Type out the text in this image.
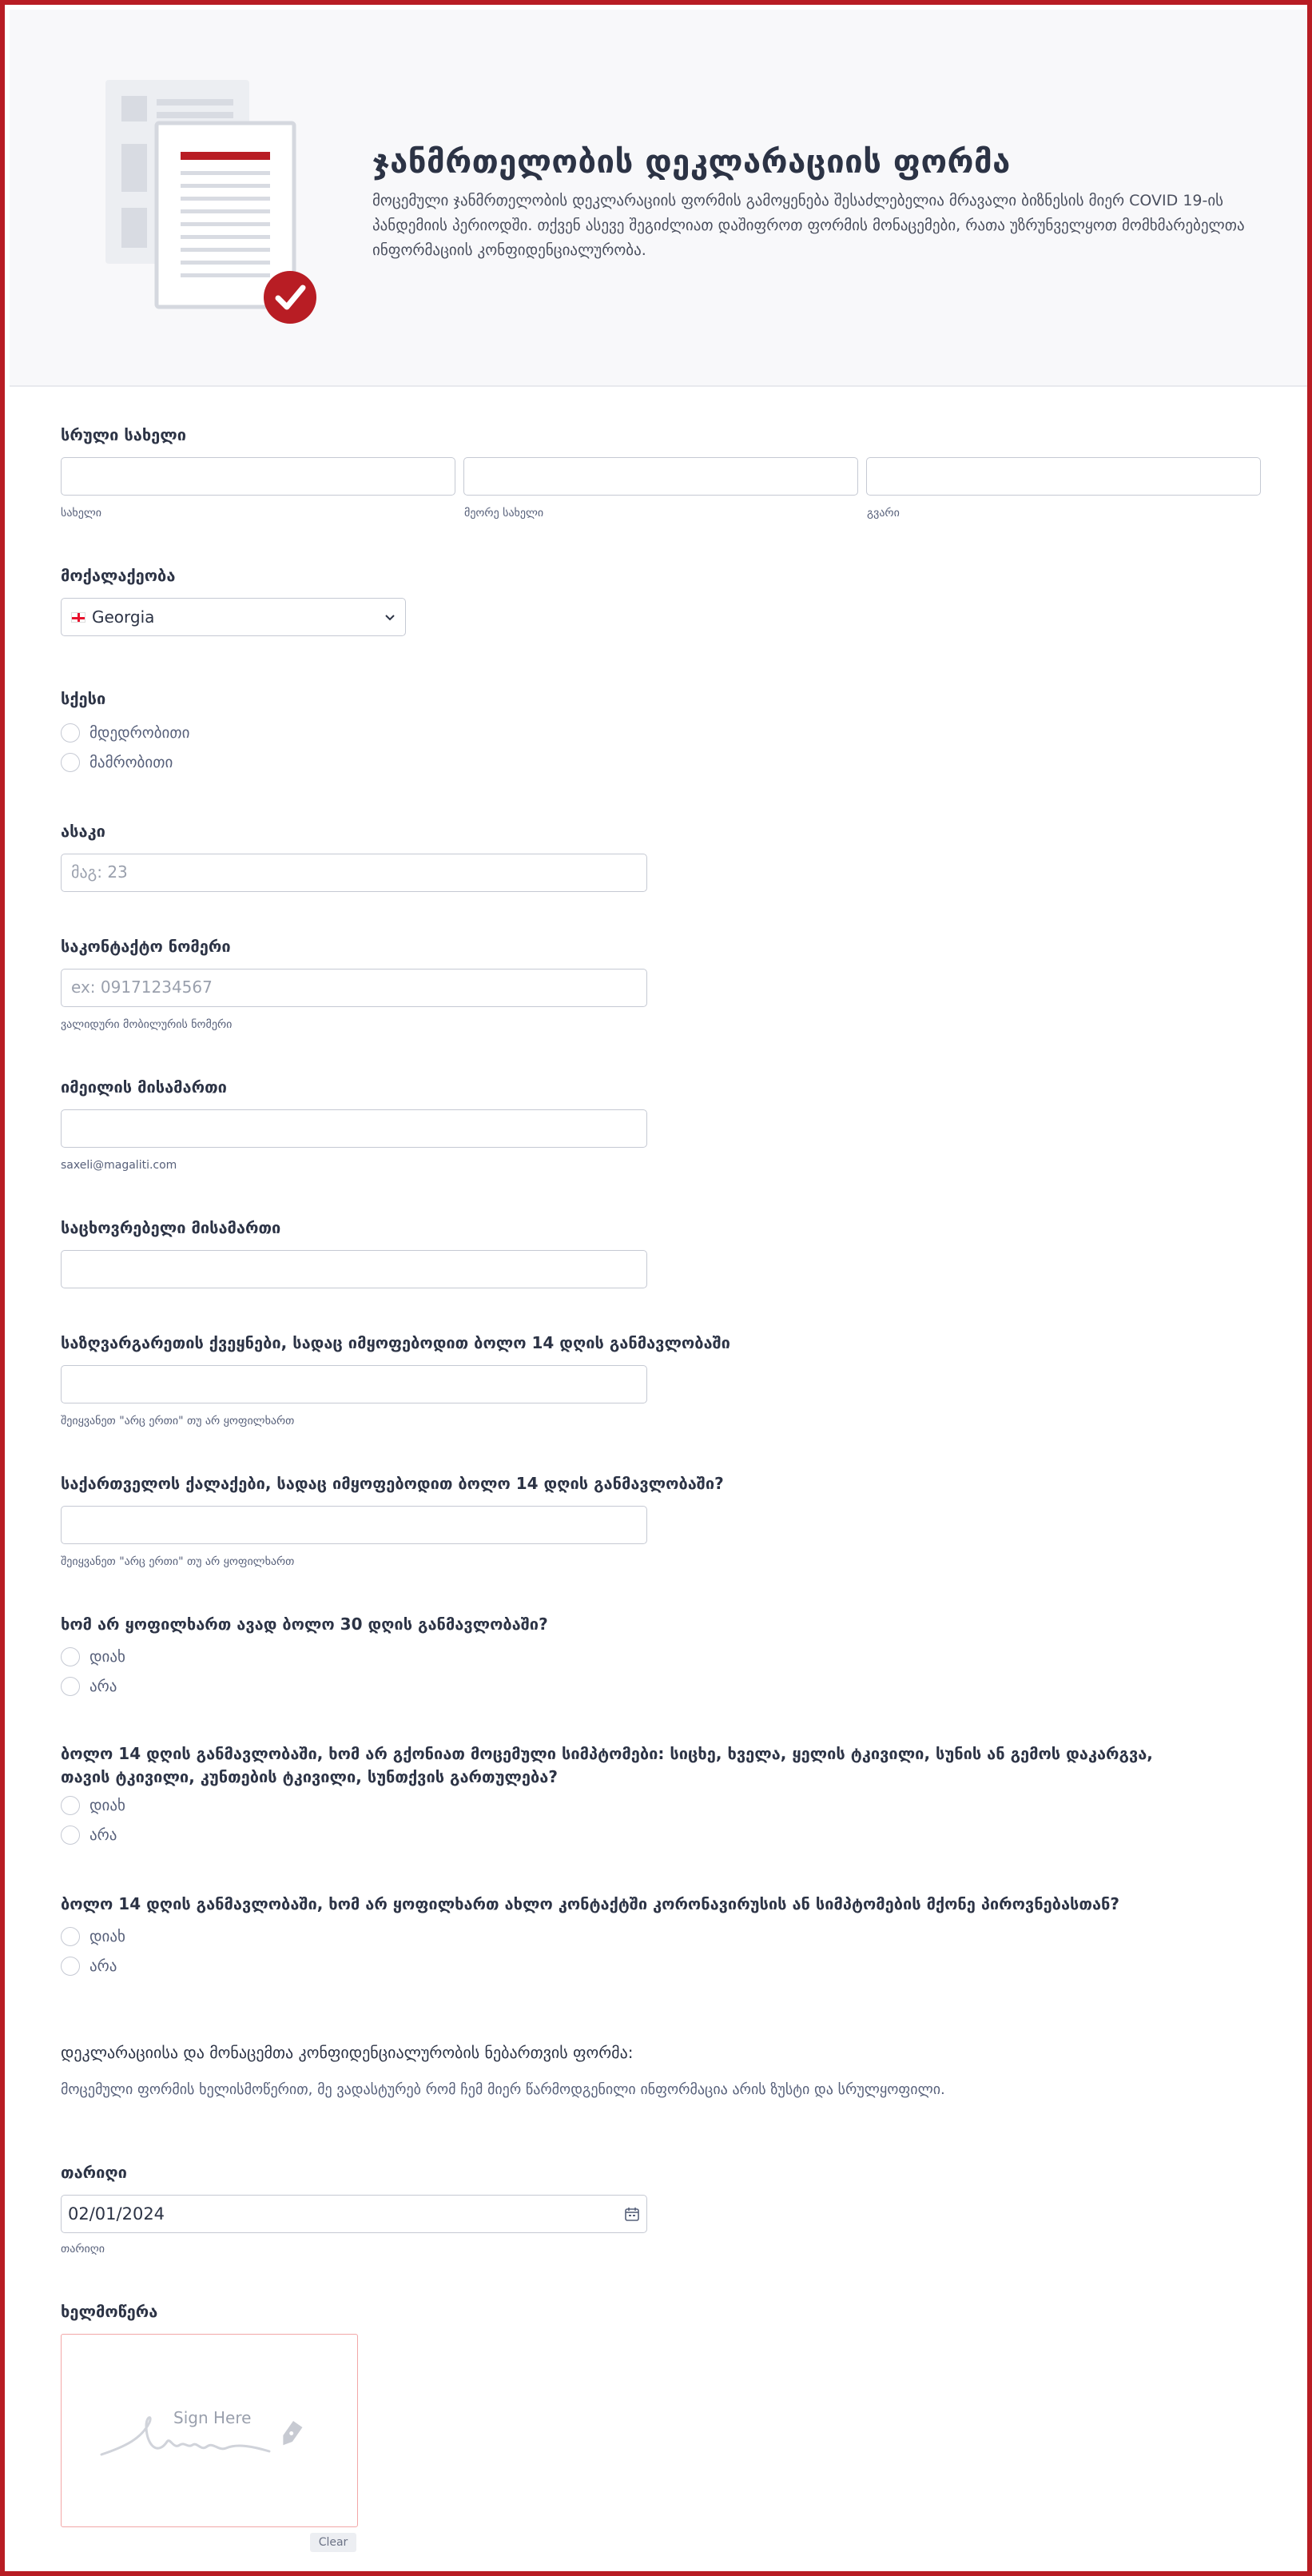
ჯანმრთელობის დეკლარაციის ფორმა
მოცემული ჯანმრთელობის დეკლარაციის ფორმის გამოყენება შესაძლებელია მრავალი ბიზნესის მიერ COVID 19-ის პანდემიის პერიოდში. თქვენ ასევე შეგიძლიათ დაშიფროთ ფორმის მონაცემები, რათა უზრუნველყოთ მომხმარებელთა ინფორმაციის კონფიდენციალურობა.
სრული სახელი
სახელი	მეორე სახელი	გვარი
მოქალაქეობა
Georgia
სქესი
მდედრობითი
მამრობითი
ასაკი
მაგ: 23
საკონტაქტო ნომერი
ex: 09171234567
ვალიდური მობილურის ნომერი
იმეილის მისამართი
saxeli@magaliti.com
საცხოვრებელი მისამართი
საზღვარგარეთის ქვეყნები, სადაც იმყოფებოდით ბოლო 14 დღის განმავლობაში
შეიყვანეთ "არც ერთი" თუ არ ყოფილხართ
საქართველოს ქალაქები, სადაც იმყოფებოდით ბოლო 14 დღის განმავლობაში?
შეიყვანეთ "არც ერთი" თუ არ ყოფილხართ
ხომ არ ყოფილხართ ავად ბოლო 30 დღის განმავლობაში?
დიახ
არა
ბოლო 14 დღის განმავლობაში, ხომ არ გქონიათ მოცემული სიმპტომები: სიცხე, ხველა, ყელის ტკივილი, სუნის ან გემოს დაკარგვა, თავის ტკივილი, კუნთების ტკივილი, სუნთქვის გართულება?
დიახ
არა
ბოლო 14 დღის განმავლობაში, ხომ არ ყოფილხართ ახლო კონტაქტში კორონავირუსის ან სიმპტომების მქონე პიროვნებასთან?
დიახ
არა
დეკლარაციისა და მონაცემთა კონფიდენციალურობის ნებართვის ფორმა:
მოცემული ფორმის ხელისმოწერით, მე ვადასტურებ რომ ჩემ მიერ წარმოდგენილი ინფორმაცია არის ზუსტი და სრულყოფილი.
თარიღი
02/01/2024
თარიღი
ხელმოწერა
Sign Here
Clear
